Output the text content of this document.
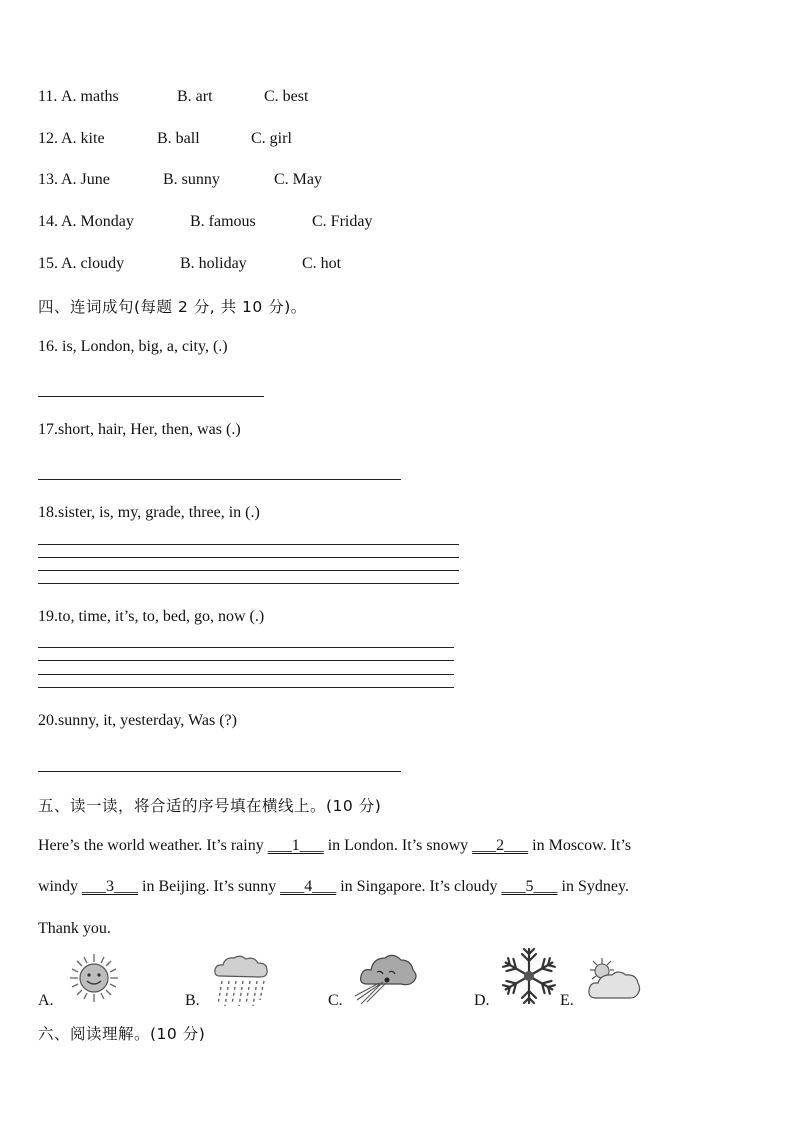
11. A. maths	B. art	C. best
12. A. kite	B. ball	C. girl
13. A. June	B. sunny	C. May
14. A. Monday	B. famous	C. Friday
15. A. cloudy	B. holiday	C. hot
四、连词成句(每题 2 分, 共 10 分)。
16. is, London, big, a, city, (.)
17.short, hair, Her, then, was (.)
18.sister, is, my, grade, three, in (.)
19.to, time, it’s, to, bed, go, now (.)
20.sunny, it, yesterday, Was (?)
五、读一读，将合适的序号填在横线上。(10 分)
Here’s the world weather. It’s rainy ___1___ in London. It’s snowy ___2___ in Moscow. It’s
windy ___3___ in Beijing. It’s sunny ___4___ in Singapore. It’s cloudy ___5___ in Sydney.
Thank you.
A.	B.	C.	D.	E.
六、阅读理解。(10 分)
